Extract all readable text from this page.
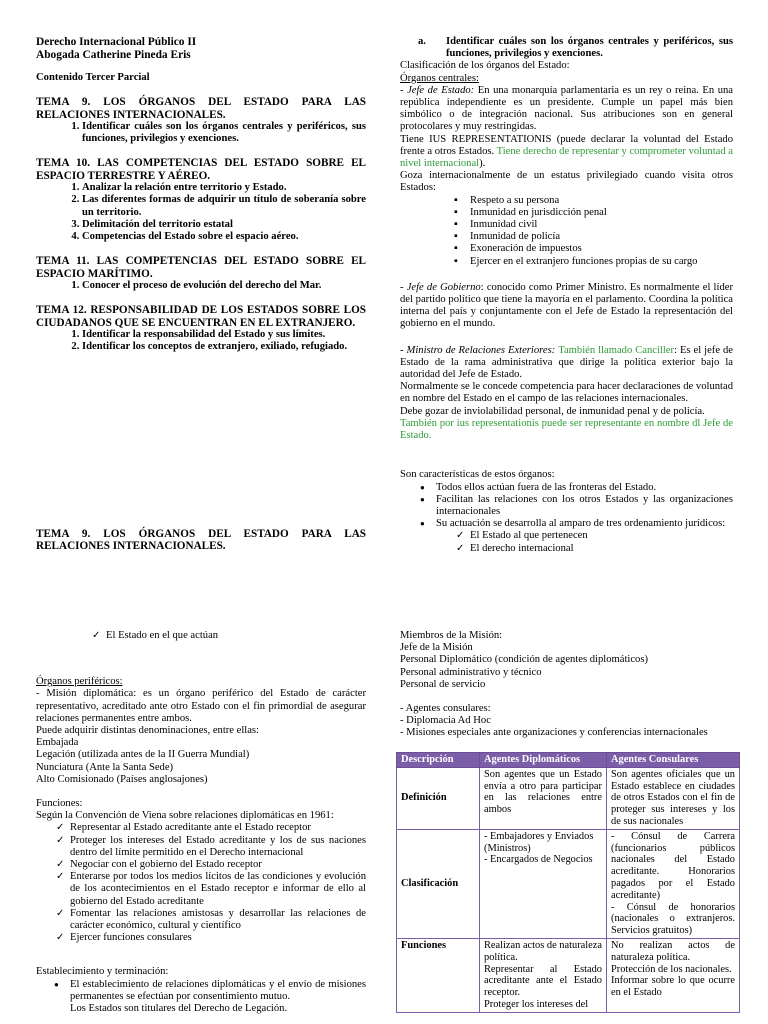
Derecho Internacional Público II
Abogada Catherine Pineda Eris
Contenido Tercer Parcial
TEMA 9. LOS ÓRGANOS DEL ESTADO PARA LAS RELACIONES INTERNACIONALES.
1. Identificar cuáles son los órganos centrales y periféricos, sus funciones, privilegios y exenciones.
TEMA 10. LAS COMPETENCIAS DEL ESTADO SOBRE EL ESPACIO TERRESTRE Y AÉREO.
1. Analizar la relación entre territorio y Estado.
2. Las diferentes formas de adquirir un título de soberanía sobre un territorio.
3. Delimitación del territorio estatal
4. Competencias del Estado sobre el espacio aéreo.
TEMA 11. LAS COMPETENCIAS DEL ESTADO SOBRE EL ESPACIO MARÍTIMO.
1. Conocer el proceso de evolución del derecho del Mar.
TEMA 12. RESPONSABILIDAD DE LOS ESTADOS SOBRE LOS CIUDADANOS QUE SE ENCUENTRAN EN EL EXTRANJERO.
1. Identificar la responsabilidad del Estado y sus límites.
2. Identificar los conceptos de extranjero, exiliado, refugiado.
TEMA 9. LOS ÓRGANOS DEL ESTADO PARA LAS RELACIONES INTERNACIONALES.
✓ El Estado en el que actúan
Órganos periféricos:

- Misión diplomática: es un órgano periférico del Estado de carácter representativo, acreditado ante otro Estado con el fin primordial de asegurar relaciones permanentes entre ambos.

Puede adquirir distintas denominaciones, entre ellas:

Embajada

Legación (utilizada antes de la II Guerra Mundial)

Nunciatura (Ante la Santa Sede)

Alto Comisionado (Países anglosajones)

Funciones:

Según la Convención de Viena sobre relaciones diplomáticas en 1961:

✓ Representar al Estado acreditante ante el Estado receptor
✓ Proteger los intereses del Estado acreditante y los de sus naciones dentro del límite permitido en el Derecho internacional
✓ Negociar con el gobierno del Estado receptor
✓ Enterarse por todos los medios lícitos de las condiciones y evolución de los acontecimientos en el Estado receptor e informar de ello al gobierno del Estado acreditante
✓ Fomentar las relaciones amistosas y desarrollar las relaciones de carácter económico, cultural y científico
✓ Ejercer funciones consulares

Establecimiento y terminación:

● El establecimiento de relaciones diplomáticas y el envío de misiones permanentes se efectúan por consentimiento mutuo.

Los Estados son titulares del Derecho de Legación.

a.	Identificar cuáles son los órganos centrales y periféricos, sus funciones, privilegios y exenciones.

Clasificación de los órganos del Estado:

Órganos centrales:

- Jefe de Estado: En una monarquía parlamentaria es un rey o reina. En una república independiente es un presidente. Cumple un papel más bien simbólico o de integración nacional. Sus atribuciones son en general protocolares y muy restringidas.

Tiene IUS REPRESENTATIONIS (puede declarar la voluntad del Estado frente a otros Estados. Tiene derecho de representar y comprometer voluntad a nivel internacional).

Goza internacionalmente de un estatus privilegiado cuando visita otros Estados:

▪ Respeto a su persona
▪ Inmunidad en jurisdicción penal
▪ Inmunidad civil
▪ Inmunidad de policía
▪ Exoneración de impuestos
▪ Ejercer en el extranjero funciones propias de su cargo

- Jefe de Gobierno: conocido como Primer Ministro. Es normalmente el líder del partido político que tiene la mayoría en el parlamento. Coordina la política interna del país y conjuntamente con el Jefe de Estado la representación del gobierno en el mundo.

- Ministro de Relaciones Exteriores: También llamado Canciller: Es el jefe de Estado de la rama administrativa que dirige la política exterior bajo la autoridad del Jefe de Estado.

Normalmente se le concede competencia para hacer declaraciones de voluntad en nombre del Estado en el campo de las relaciones internacionales.

Debe gozar de inviolabilidad personal, de inmunidad penal y de policía.

También por ius representationis puede ser representante en nombre dl Jefe de Estado.

Son características de estos órganos:

● Todos ellos actúan fuera de las fronteras del Estado.
● Facilitan las relaciones con los otros Estados y las organizaciones internacionales
● Su actuación se desarrolla al amparo de tres ordenamiento jurídicos:
✓ El Estado al que pertenecen
✓ El derecho internacional

Miembros de la Misión:

Jefe de la Misión

Personal Diplomático (condición de agentes diplomáticos)

Personal administrativo y técnico

Personal de servicio

- Agentes consulares:

- Diplomacia Ad Hoc

- Misiones especiales ante organizaciones y conferencias internacionales

Descripción	Agentes Diplomáticos	Agentes Consulares
Definición	Son agentes que un Estado envía a otro para participar en las relaciones entre ambos	Son agentes oficiales que un Estado establece en ciudades de otros Estados con el fin de proteger sus intereses y los de sus nacionales
Clasificación	- Embajadores y Enviados (Ministros)
- Encargados de Negocios	- Cónsul de Carrera (funcionarios públicos nacionales del Estado acreditante. Honorarios pagados por el Estado acreditante)
- Cónsul de honorarios (nacionales o extranjeros. Servicios gratuitos)
Funciones	Realizan actos de naturaleza política.
Representar al Estado acreditante ante el Estado receptor.
Proteger los intereses del	No realizan actos de naturaleza política.
Protección de los nacionales.
Informar sobre lo que ocurre en el Estado
